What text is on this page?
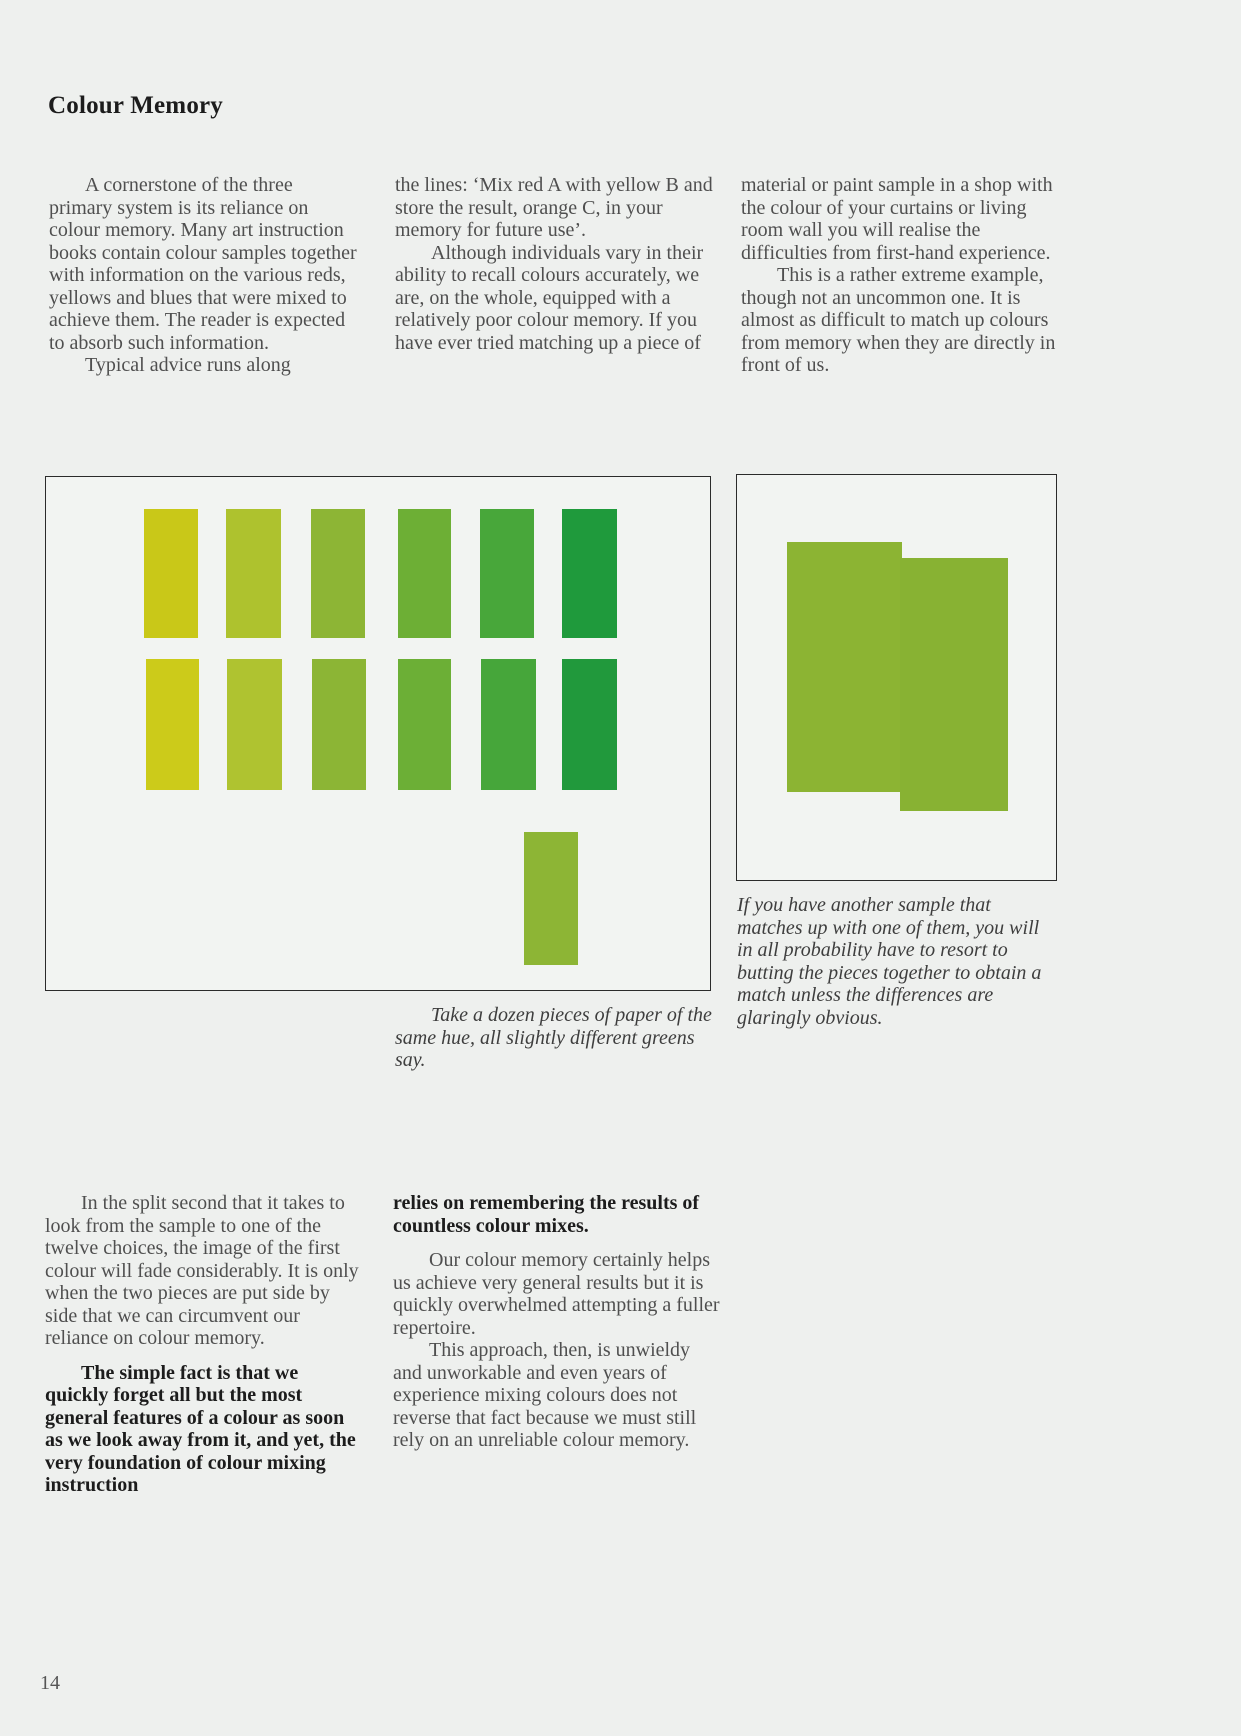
Colour Memory

A cornerstone of the three primary system is its reliance on colour memory. Many art instruction books contain colour samples together with information on the various reds, yellows and blues that were mixed to achieve them. The reader is expected to absorb such information.

Typical advice runs along

the lines: ‘Mix red A with yellow B and store the result, orange C, in your memory for future use’.

Although individuals vary in their ability to recall colours accurately, we are, on the whole, equipped with a relatively poor colour memory. If you have ever tried matching up a piece of

material or paint sample in a shop with the colour of your curtains or living room wall you will realise the difficulties from first-hand experience.

This is a rather extreme example, though not an uncommon one. It is almost as difficult to match up colours from memory when they are directly in front of us.

Take a dozen pieces of paper of the same hue, all slightly different greens say.

If you have another sample that matches up with one of them, you will in all probability have to resort to butting the pieces together to obtain a match unless the differences are glaringly obvious.

In the split second that it takes to look from the sample to one of the twelve choices, the image of the first colour will fade considerably. It is only when the two pieces are put side by side that we can circumvent our reliance on colour memory.

The simple fact is that we quickly forget all but the most general features of a colour as soon as we look away from it, and yet, the very foundation of colour mixing instruction

relies on remembering the results of countless colour mixes.

Our colour memory certainly helps us achieve very general results but it is quickly overwhelmed attempting a fuller repertoire.

This approach, then, is unwieldy and unworkable and even years of experience mixing colours does not reverse that fact because we must still rely on an unreliable colour memory.

14
